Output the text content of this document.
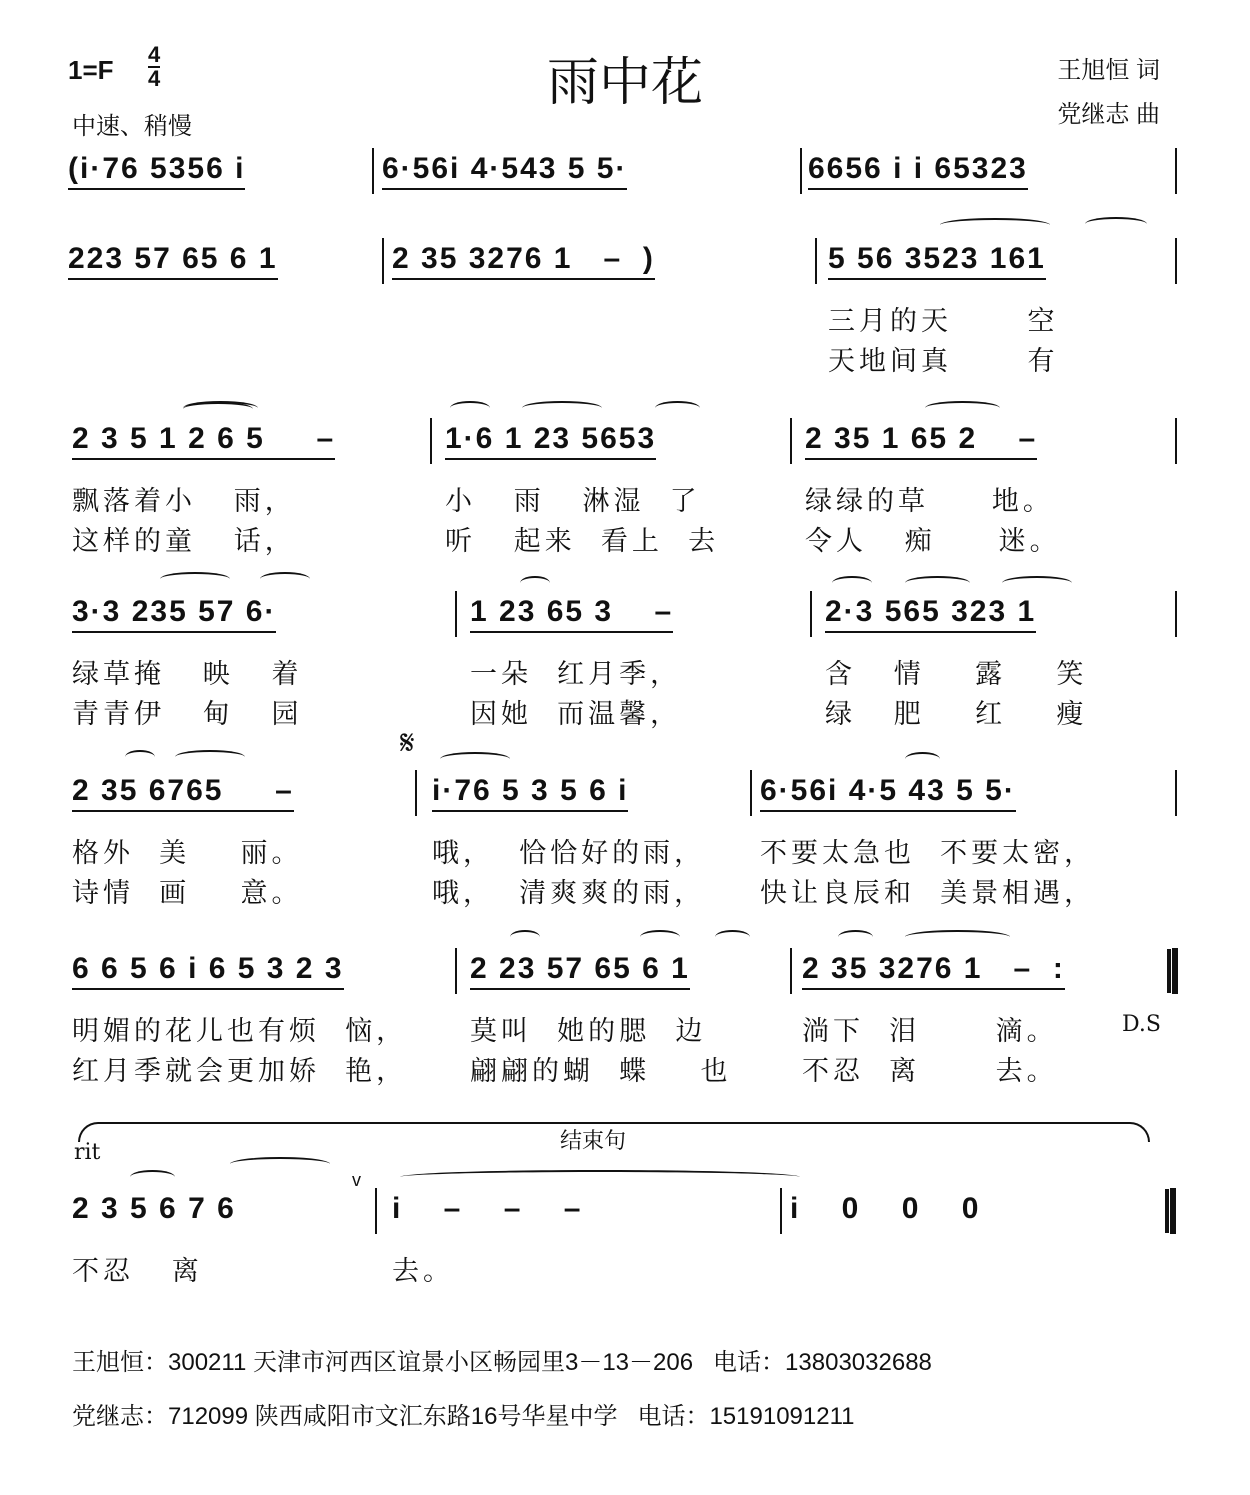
雨中花
1=F
4
4
中速、稍慢
王旭恒 词
党继志 曲
(i·76 5356 i	6·56i 4·543 5 5·	6656 i i 65323
223 57 65 6 1	2 35 3276 1   –  )	5 56 3523 161
三月的天      空
天地间真      有
2 3 5 1 2 6 5     –
飘落着小   雨，
这样的童   话，
1·6 1 23 5653
小   雨   淋湿  了
听   起来  看上  去
2 35 1 65 2    –
绿绿的草     地。
令人   痴     迷。
3·3 235 57 6·
绿草掩   映   着
青青伊   甸   园
1 23 65 3    –
一朵  红月季，
因她  而温馨，
2·3 565 323 1
含   情    露    笑
绿   肥    红    瘦
2 35 6765     –
格外  美    丽。
诗情  画    意。
i·76 5 3 5 6 i
哦，  恰恰好的雨，
哦，  清爽爽的雨，
6·56i 4·5 43 5 5·
不要太急也  不要太密，
快让良辰和  美景相遇，
6 6 5 6 i 6 5 3 2 3
明媚的花儿也有烦  恼，
红月季就会更加娇  艳，
2 23 57 65 6 1
莫叫  她的腮  边
翩翩的蝴  蝶    也
2 35 3276 1   –  :
淌下  泪      滴。
不忍  离      去。
2 3 5 6 7 6
不忍   离
i    –    –    –
去。
i    0    0    0
𝄋
D.S
结束句
rit
v
王旭恒：300211 天津市河西区谊景小区畅园里3－13－206   电话：13803032688
党继志：712099 陕西咸阳市文汇东路16号华星中学   电话：15191091211
